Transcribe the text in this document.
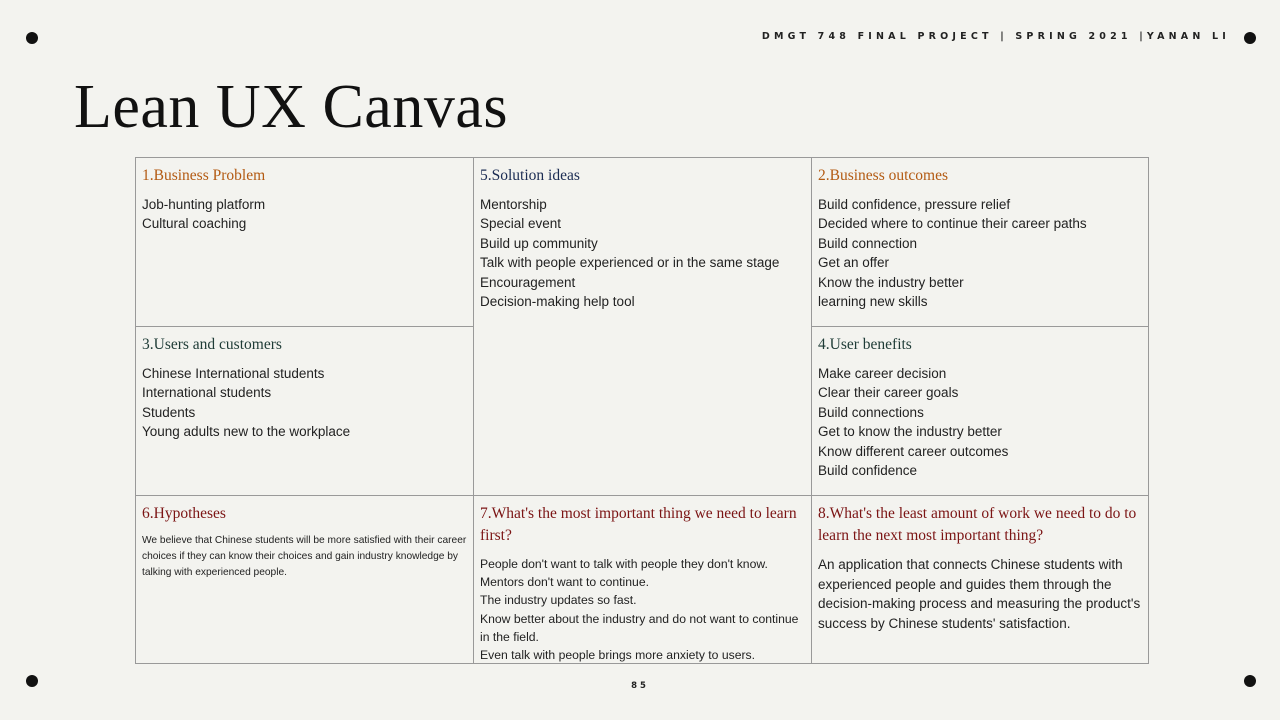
DMGT 748 FINAL PROJECT | SPRING 2021 |YANAN LI
Lean UX Canvas
1.Business Problem
Job-hunting platform
Cultural coaching
5.Solution ideas
Mentorship
Special event
Build up community
Talk with people experienced or in the same stage
Encouragement
Decision-making help tool
2.Business outcomes
Build confidence, pressure relief
Decided where to continue their career paths
Build connection
Get an offer
Know the industry better
learning new skills
3.Users and customers
Chinese International students
International students
Students
Young adults new to the workplace
4.User benefits
Make career decision
Clear their career goals
Build connections
Get to know the industry better
Know different career outcomes
Build confidence
6.Hypotheses

We believe that Chinese students will be more satisfied with their career choices if they can know their choices and gain industry knowledge by talking with experienced people.

7.What's the most important thing we need to learn first?
People don't want to talk with people they don't know.
Mentors don't want to continue.
The industry updates so fast.
Know better about the industry and do not want to continue in the field.
Even talk with people brings more anxiety to users.
8.What's the least amount of work we need to do to learn the next most important thing?

An application that connects Chinese students with experienced people and guides them through the decision-making process and measuring the product's success by Chinese students' satisfaction.

85
